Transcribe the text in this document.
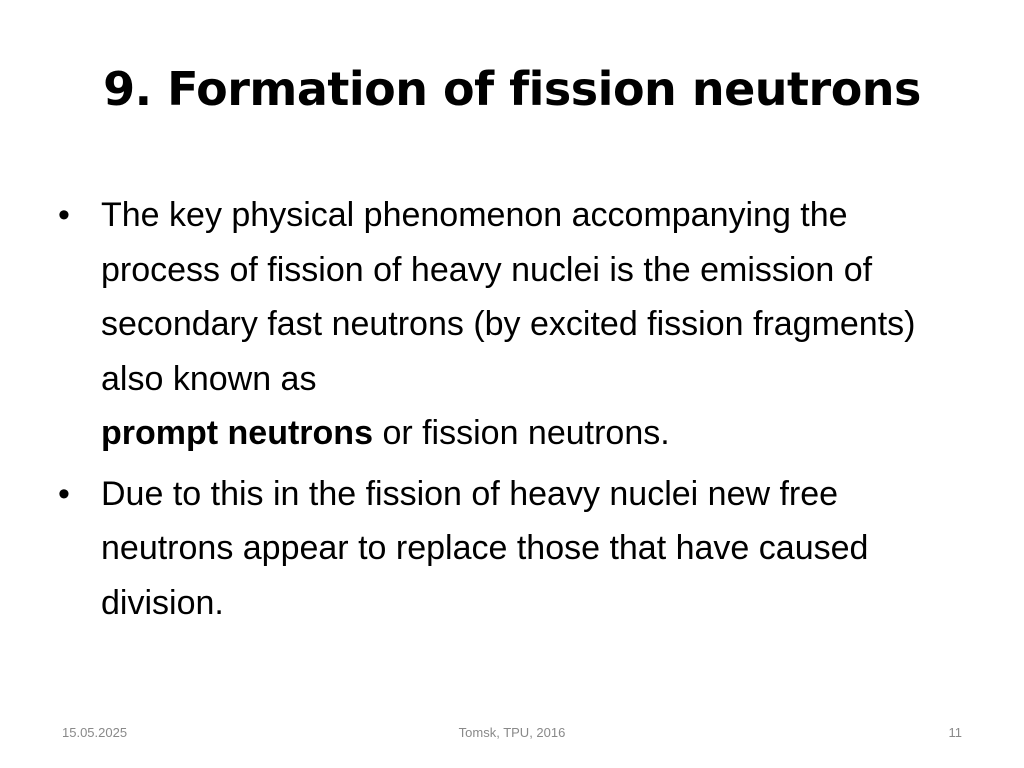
9. Formation of fission neutrons
• The key physical phenomenon accompanying the process of fission of heavy nuclei is the emission of secondary fast neutrons (by excited fission fragments) also known as
prompt neutrons or fission neutrons.
• Due to this in the fission of heavy nuclei new free neutrons appear to replace those that have caused division.
15.05.2025	Tomsk, TPU, 2016	11
